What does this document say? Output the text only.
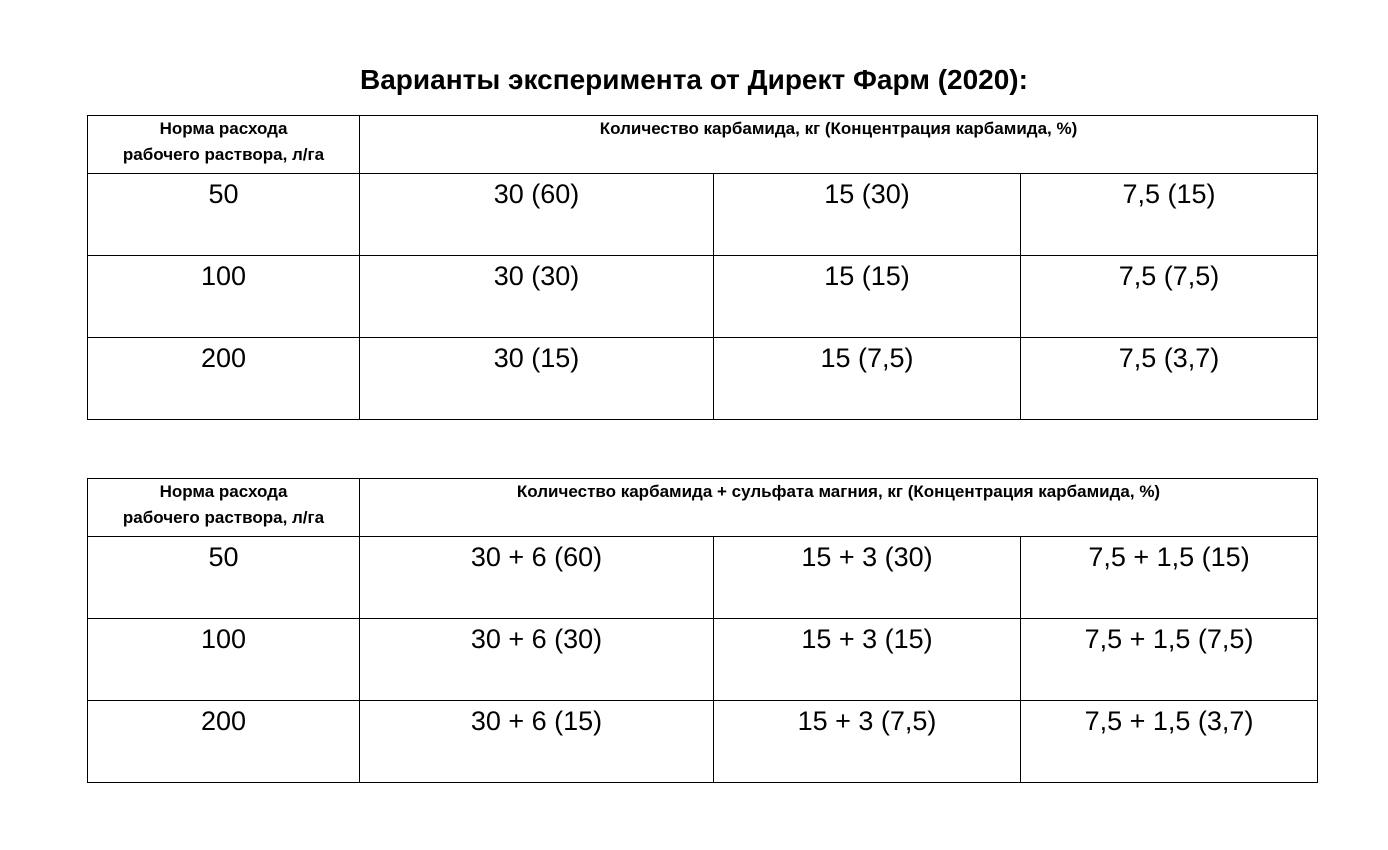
Варианты эксперимента от Директ Фарм (2020):
Норма расхода
рабочего раствора, л/га	Количество карбамида, кг (Концентрация карбамида, %)		
50	30 (60)	15 (30)	7,5 (15)
100	30 (30)	15 (15)	7,5 (7,5)
200	30 (15)	15 (7,5)	7,5 (3,7)
Норма расхода
рабочего раствора, л/га	Количество карбамида + сульфата магния, кг (Концентрация карбамида, %)		
50	30 + 6 (60)	15 + 3 (30)	7,5 + 1,5 (15)
100	30 + 6 (30)	15 + 3 (15)	7,5 + 1,5 (7,5)
200	30 + 6 (15)	15 + 3 (7,5)	7,5 + 1,5 (3,7)
